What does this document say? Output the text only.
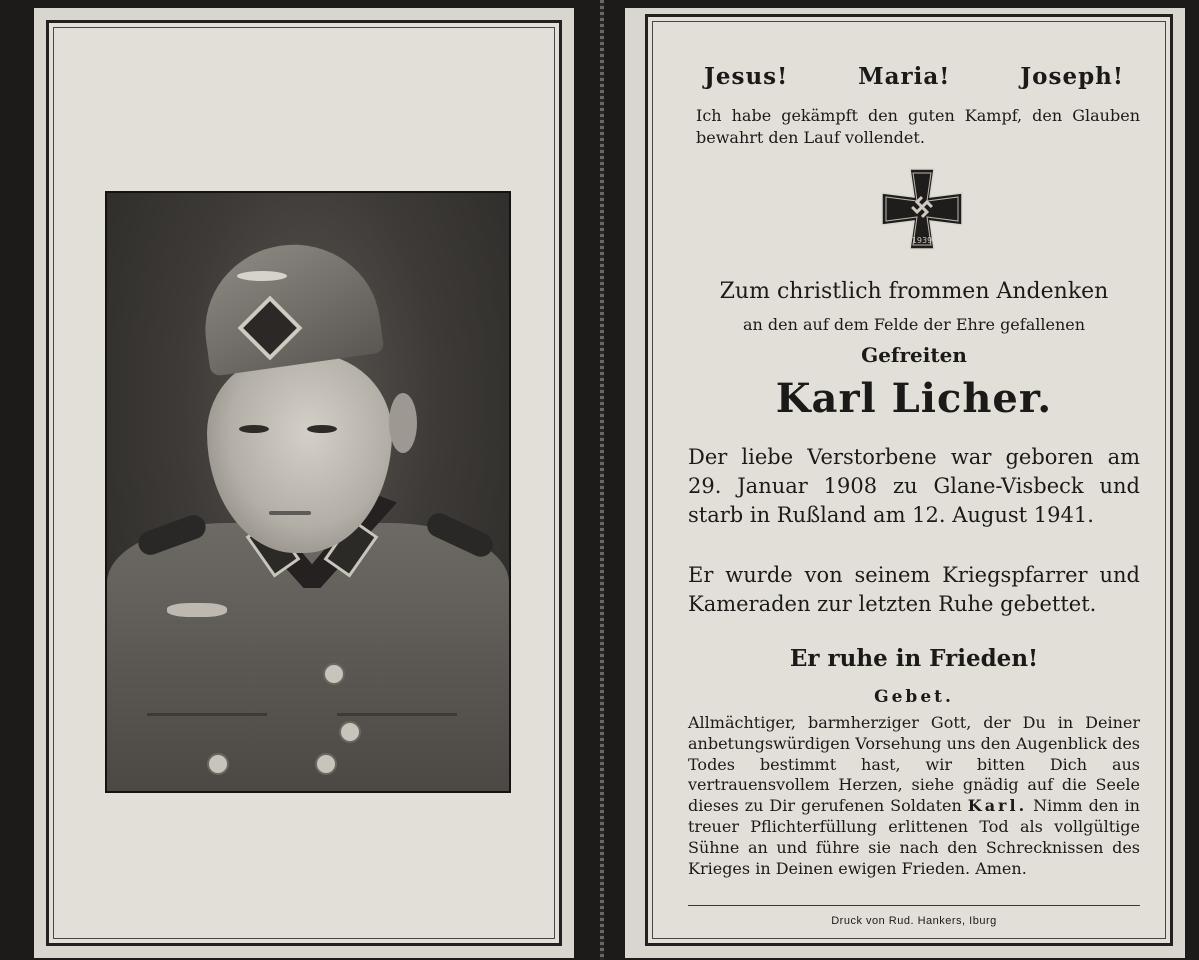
Jesus!	Maria!	Joseph!
Ich habe gekämpft den guten Kampf, den Glauben bewahrt den Lauf vollendet.
1939
Zum christlich frommen Andenken
an den auf dem Felde der Ehre gefallenen
Gefreiten
Karl Licher.
Der liebe Verstorbene war geboren am 29. Januar 1908 zu Glane-Visbeck und starb in Rußland am 12. August 1941.
Er wurde von seinem Kriegspfarrer und Kameraden zur letzten Ruhe gebettet.
Er ruhe in Frieden!
Gebet.
Allmächtiger, barmherziger Gott, der Du in Deiner anbetungswürdigen Vorsehung uns den Augenblick des Todes bestimmt hast, wir bitten Dich aus vertrauensvollem Herzen, siehe gnädig auf die Seele dieses zu Dir gerufenen Soldaten Karl. Nimm den in treuer Pflichterfüllung erlittenen Tod als vollgültige Sühne an und führe sie nach den Schrecknissen des Krieges in Deinen ewigen Frieden. Amen.
Druck von Rud. Hankers, Iburg
